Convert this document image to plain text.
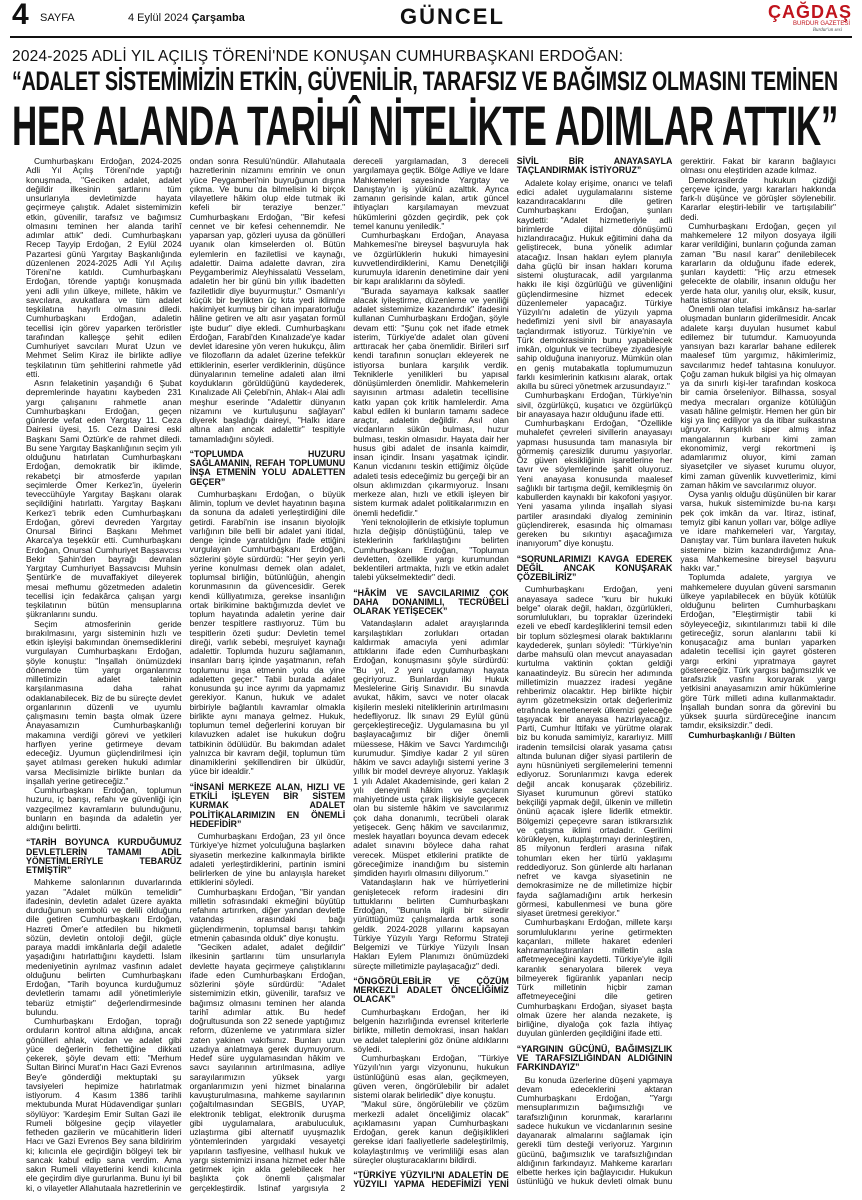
4 SAYFA	4 Eylül 2024 Çarşamba	GÜNCEL	ÇAĞDAŞ
BURDUR GAZETESİ
Burdur'un sesi
2024-2025 ADLİ YIL AÇILIŞ TÖRENİ'NDE KONUŞAN CUMHURBAŞKANI ERDOĞAN:
“ADALET SİSTEMİMİZİN ETKİN, GÜVENİLİR, TARAFSIZ VE BAĞIMSIZ OLMASINI TEMİNEN
HER ALANDA TARİHÎ NİTELİKTE ADIMLAR ATTIK”

Cumhurbaşkanı Erdoğan, 2024-2025 Adli Yıl Açılış Töreni'nde yaptığı konuşmada, "Geciken adalet, adalet değildir ilkesinin şartlarını tüm unsurlarıyla devletimizde hayata geçirmeye çalıştık. Adalet sistemimizin etkin, güvenilir, tarafsız ve bağımsız olmasını teminen her alanda tarihî adımlar attık" dedi. Cumhurbaşkanı Recep Tayyip Erdoğan, 2 Eylül 2024 Pazartesi günü Yargıtay Başkanlığında düzenlenen 2024-2025 Adli Yıl Açılış Töreni'ne katıldı. Cumhurbaşkanı Erdoğan, törende yaptığı konuşmada yeni adli yılın ülkeye, millete, hâkim ve savcılara, avukatlara ve tüm adalet teşkilatına hayırlı olmasını diledi. Cumhurbaşkanı Erdoğan, adaletin tecellisi için görev yaparken teröristler tarafından kalleşçe şehit edilen Cumhuriyet savcıları Murat Uzun ve Mehmet Selim Kiraz ile birlikte adliye teşkilatının tüm şehitlerini rahmetle yâd etti.

Asrın felaketinin yaşandığı 6 Şubat depremlerinde hayatını kaybeden 231 yargı çalışanını rahmetle anan Cumhurbaşkanı Erdoğan, geçen günlerde vefat eden Yargıtay 11. Ceza Dairesi üyesi, 15. Ceza Dairesi eski Başkanı Sami Öztürk'e de rahmet diledi. Bu sene Yargıtay Başkanlığının seçim yılı olduğunu hatırlatan Cumhurbaşkanı Erdoğan, demokratik bir iklimde, rekabetçi bir atmosferde yapılan seçimlerde Ömer Kerkez'in, üyelerin teveccühüyle Yargıtay Başkanı olarak seçildiğini hatırlattı. Yargıtay Başkanı Kerkez'i tebrik eden Cumhurbaşkanı Erdoğan, görevi devreden Yargıtay Onursal Birinci Başkanı Mehmet Akarca'ya teşekkür etti. Cumhurbaşkanı Erdoğan, Onursal Cumhuriyet Başsavcısı Bekir Şahin'den bayrağı devralan Yargıtay Cumhuriyet Başsavcısı Muhsin Şentürk'e de muvaffakiyet dileyerek mesai mefhumu gözetmeden adaletin tecellisi için fedakârca çalışan yargı teşkilatının bütün mensuplarına şükranlarını sundu.

Seçim atmosferinin geride bırakılmasını, yargı sisteminin hızlı ve etkin işleyişi bakımından önemsediklerini vurgulayan Cumhurbaşkanı Erdoğan, şöyle konuştu: "İnşallah önümüzdeki dönemde tüm yargı organlarımız milletimizin adalet talebinin karşılanmasına daha rahat odaklanabilecek. Biz de bu süreçte devlet organlarının düzenli ve uyumlu çalışmasını temin başta olmak üzere Anayasamızın Cumhurbaşkanlığı makamına verdiği görevi ve yetkileri harfiyen yerine getirmeye devam edeceğiz. Uyumun güçlendirilmesi için şayet atılması gereken hukuki adımlar varsa Meclisimizle birlikte bunları da inşallah yerine getireceğiz."

Cumhurbaşkanı Erdoğan, toplumun huzuru, iç barışı, refahı ve güvenliği için vazgeçilmez kavramların bulunduğunu, bunların en başında da adaletin yer aldığını belirtti.

“TARİH BOYUNCA KURDUĞUMUZ DEVLETLERİN TAMAMI ADİL YÖNETİMLERİYLE TEBARÜZ ETMİŞTİR”

Mahkeme salonlarının duvarlarında yazan "Adalet mülkün temelidir" ifadesinin, devletin adalet üzere ayakta durduğunun sembolü ve delili olduğunu dile getiren Cumhurbaşkanı Erdoğan, Hazreti Ömer'e atfedilen bu hikmetli sözün, devletin ontoloji değil, güçle paraya maddi imkânlarla değil adaletle yaşadığını hatırlattığını kaydetti. İslam medeniyetinin ayrılmaz vasfının adalet olduğunu belirten Cumhurbaşkanı Erdoğan, "Tarih boyunca kurduğumuz devletlerin tamamı adil yönetimleriyle tebarüz etmiştir" değerlendirmesinde bulundu.

Cumhurbaşkanı Erdoğan, toprağı orduların kontrol altına aldığına, ancak gönülleri ahlak, vicdan ve adalet gibi yüce değerlerin fethettiğine dikkati çekerek, şöyle devam etti: "Merhum Sultan Birinci Murat'ın Hacı Gazi Evrenos Bey'e gönderdiği mektuptaki şu tavsiyeleri hepimize hatırlatmak istiyorum. 4 Kasım 1386 tarihli mektubunda Murat Hüdavendigar şunları söylüyor: 'Kardeşim Emir Sultan Gazi ile Rumeli bölgesine geçip vilayetler fetheden gazilerin ve mücahitlerin lideri Hacı ve Gazi Evrenos Bey sana bildiririm ki; kılıcınla ele geçirdiğin bölgeyi tek bir sancak kabul edip sana verdim. Ama sakın Rumeli vilayetlerini kendi kılıcınla ele geçirdim diye gururlanma. Bunu iyi bil ki, o vilayetler Allahutaala hazretlerinin ve ondan sonra Resulü'nündür. Allahutaala hazretlerinin nizamını emrinin ve onun yüce Peygamberi'nin buyruğunun dışına çıkma. Ve bunu da bilmelisin ki birçok vilayetlere hâkim olup elde tutmak iki kefeli bir teraziye benzer." Cumhurbaşkanı Erdoğan, "Bir kefesi cennet ve bir kefesi cehennemdir. Ne yaparsan yap, gözleri uyusa da gönülleri uyanık olan kimselerden ol. Bütün eylemlerin en faziletlisi ve kaynağı, adalettir. Daima adalette davran, zira Peygamberimiz Aleyhissalatü Vesselam, adaletin her bir günü bin yıllık ibadetten faziletlidir diye buyurmuştur." Osmanlı'yı küçük bir beylikten üç kıta yedi iklimde hakimiyet kurmuş bir cihan imparatorluğu hâline getiren ve altı asır yaşatan formül işte budur" diye ekledi. Cumhurbaşkanı Erdoğan, Farabi'den Kınalızade'ye kadar devlet idaresine yön veren hukukçu, âlim ve filozofların da adalet üzerine tefekkür ettiklerinin, eserler verdiklerinin, düşünce dünyalarının temeline adaleti alan ilmi koydukların görüldüğünü kaydederek, Kınalızade Ali Çelebi'nin, Ahlak-ı Alai adlı meşhur eserinde "Adalettir dünyanın nizamını ve kurtuluşunu sağlayan" diyerek başladığı daireyi, "Halkı idare altına alan ancak adalettir" tespitiyle tamamladığını söyledi.

“TOPLUMDA HUZURU SAĞLAMANIN, REFAH TOPLUMUNU İNŞA ETMENİN YOLU ADALETTEN GEÇER”

Cumhurbaşkanı Erdoğan, o büyük âlimin, toplum ve devlet hayatının başına da sonuna da adaleti yerleştirdiğini dile getirdi. Farabi'nin ise insanın biyolojik varlığının bile belli bir adalet yani itidal, denge içinde yaratıldığını ifade ettiğini vurgulayan Cumhurbaşkanı Erdoğan, sözlerini şöyle sürdürdü: "Her şeyin yerli yerine konulması demek olan adalet, toplumsal birliğin, bütünlüğün, ahengin korunmasının da güvencesidir. Gerek kendi külliyatımıza, gerekse insanlığın ortak birikimine baktığımızda devlet ve toplum hayatında adaletin yerine dair benzer tespitlere rastlıyoruz. Tüm bu tespitlerin özeti şudur: Devletin temel direği, varlık sebebi, meşruiyet kaynağı adalettir. Toplumda huzuru sağlamanın, insanları barış içinde yaşatmanın, refah toplumunu inşa etmenin yolu da yine adaletten geçer." Tabii burada adalet konusunda şu ince ayrımı da yapmamız gerekiyor. Kanun, hukuk ve adalet birbiriyle bağlantılı kavramlar olmakla birlikte aynı manaya gelmez. Hukuk, toplumun temel değerlerini koruyan bir kılavuzken adalet ise hukukun doğru tatbikinin ödülüdür. Bu bakımdan adalet yalnızca bir kavram değil, toplumun tüm dinamiklerini şekillendiren bir ülküdür, yüce bir idealdir."

“İNSANİ MERKEZE ALAN, HIZLI VE ETKİLİ İŞLEYEN BİR SİSTEM KURMAK ADALET POLİTİKALARIMIZIN EN ÖNEMLİ HEDEFİDİR”

Cumhurbaşkanı Erdoğan, 23 yıl önce Türkiye'ye hizmet yolculuğuna başlarken siyasetin merkezine kalkınmayla birlikte adaleti yerleştirdiklerini, partinin ismini belirlerken de yine bu anlayışla hareket ettiklerini söyledi.

Cumhurbaşkanı Erdoğan, "Bir yandan milletin sofrasındaki ekmeğini büyütüp refahını artırırken, diğer yandan devletle vatandaş arasındaki bağı güçlendirmenin, toplumsal barışı tahkim etmenin çabasında olduk" diye konuştu.

"Geciken adalet, adalet değildir" ilkesinin şartlarını tüm unsurlarıyla devlette hayata geçirmeye çalıştıklarını ifade eden Cumhurbaşkanı Erdoğan, sözlerini şöyle sürdürdü: "Adalet sistemimizin etkin, güvenilir, tarafsız ve bağımsız olmasını teminen her alanda tarihî adımlar attık. Bu hedef doğrultusunda son 22 senede yaptığımız reform, düzenleme ve yatırımlara sizler zaten yakinen vakıfsınız. Bunları uzun uzadıya anlatmaya gerek duymuyorum. Hedef süre uygulamasından hâkim ve savcı sayılarının artırılmasına, adliye sarayılarımızın yüksek yargı organlarımızın yeni hizmet binalarına kavuşturulmasına, mahkeme sayılarının çoğaltılmasından SEGBİS, UYAP, elektronik tebligat, elektronik duruşma gibi uygulamalara, arabuluculuk, uzlaştırma gibi alternatif uyuşmazlık yöntemlerinden yargıdaki vesayetçi yapıların tasfiyesine, vellhasıl hukuk ve yargı sistemimizi insana hizmet eder hâle getirmek için akla gelebilecek her başlıkta çok önemli çalışmalar gerçekleştirdik. İstinaf yargısıyla 2 dereceli yargılamadan, 3 dereceli yargılamaya geçtik. Bölge Adliye ve İdare Mahkemeleri sayesinde Yargıtay ve Danıştay'ın iş yükünü azalttık. Ayrıca zamanın gerisinde kalan, artık güncel ihtiyaçları karşılamayan mevzuat hükümlerini gözden geçirdik, pek çok temel kanunu yeniledik."

Cumhurbaşkanı Erdoğan, Anayasa Mahkemesi'ne bireysel başvuruyla hak ve özgürlüklerin hukuki himayesini kuvvetlendirdiklerini, Kamu Denetçiliği kurumuyla idarenin denetimine dair yeni bir kapı aralıklarını da söyledi.

"Burada sayamaya kalksak saatler alacak iyileştirme, düzenleme ve yeniliği adalet sistemimize kazandırdık" ifadesini kullanan Cumhurbaşkanı Erdoğan, şöyle devam etti: "Şunu çok net ifade etmek isterim, Türkiye'de adalet olan güveni arttıracak her çaba önemlidir. Birileri sırf kendi tarafının sonuçları ekleyerek ne istiyorsa bunlara karşılık verdik. Tekniklerle yenilikleri bu yapısal dönüşümlerden önemlidir. Mahkemelerin sayısının artması adaletin tecellisine katkı yapan çok kritik hamlelerdir. Ama kabul edilen ki bunların tamamı sadece araçtır, adaletin değildir. Asıl olan vicdanların sükûn bulması, huzur bulması, teskin olmasıdır. Hayata dair her husus gibi adalet de insanla kaimdir, insan içindir. İnsanı yaşatmak içindir. Kanun vicdanını teskin ettiğimiz ölçüde adaleti tesis edeceğimiz bu gerçeği bir an olsun aklımızdan çıkarmıyoruz. İnsanı merkeze alan, hızlı ve etkili işleyen bir sistem kurmak adalet politikalarımızın en önemli hedefidir."

Yeni teknolojilerin de etkisiyle toplumun hızla değişip dönüştüğünü, talep ve isteklerinin farklılaştığını belirten Cumhurbaşkanı Erdoğan, "Toplumun devletten, özellikle yargı kurumundan beklentileri artmakta, hızlı ve etkin adalet talebi yükselmektedir" dedi.

“HÂKİM VE SAVCILARIMIZ ÇOK DAHA DONANIMLI, TECRÜBELİ OLARAK YETİŞECEK”

Vatandaşların adalet arayışlarında karşılaştıkları zorlukları ortadan kaldırmak amacıyla yeni adımlar attıklarını ifade eden Cumhurbaşkanı Erdoğan, konuşmasını şöyle sürdürdü: "Bu yıl, 2 yeni uygulamayı hayata geçiriyoruz. Bunlardan ilki Hukuk Meslelerine Giriş Sınavıdır. Bu sınavda avukat, hâkim, savcı ve noter olacak kişilerin mesleki niteliklerinin artırılmasını hedefliyoruz. İlk sınavı 29 Eylül günü gerçekleştireceğiz. Uygulamasına bu yıl başlayacağımız bir diğer önemli müessese, Hâkim ve Savcı Yardımcılığı kurumudur. Şimdiye kadar 2 yıl süren hâkim ve savcı adaylığı sistemi yerine 3 yıllık bir model devreye alıyoruz. Yaklaşık 1 yılı Adalet Akademisinde, geri kalan 2 yılı deneyimli hâkim ve savcıların mahiyetinde usta çırak ilişkisiyle geçecek olan bu sistemle hâkim ve savcılarımız çok daha donanımlı, tecrübeli olarak yetişecek. Genç hâkim ve savcılarımız, meslek hayatları boyunca devam edecek adalet sınavını böylece daha rahat verecek. Müspet etkilerini pratikte de göreceğimize inandığım bu sistemin şimdiden hayırlı olmasını diliyorum."

Vatandaşların hak ve hürriyetlerini genişletecek reform iradesini dirı tuttuklarını belirten Cumhurbaşkanı Erdoğan, "Bununla ilgili bir süredir yürüttüğümüz çalışmalarda artık sona geldik. 2024-2028 yıllarını kapsayan Türkiye Yüzyılı Yargı Reformu Strateji Belgemizi ve Türkiye Yüzyılı İnsan Hakları Eylem Planımızı önümüzdeki süreçte milletimizle paylaşacağız" dedi.

“ÖNGÖRÜLEBİLİR VE ÇÖZÜM MERKEZLİ ADALET ÖNCELİĞİMİZ OLACAK”

Cumhurbaşkanı Erdoğan, her iki belgenin hazırlığında evrensel kriterlerle birlikte, milletin demokrasi, insan hakları ve adalet taleplerini göz önüne aldıklarını söyledi.

Cumhurbaşkanı Erdoğan, "Türkiye Yüzyılı'nın yargı vizyonunu, hukukun üstünlüğünü esas alan, geçikmeyen, güven veren, öngörülebilir bir adalet sistemi olarak belirledik" diye konuştu.

"Makul süre, öngörülebilir ve çözüm merkezli adalet önceliğimiz olacak" açıklamasını yapan Cumhurbaşkanı Erdoğan, gerek kanun değişiklikleri gerekse idari faaliyetlerle sadeleştirilmiş, kolaylaştırılmış ve verimliliği esas alan süreçler oluşturacaklarını bildirdi.

“TÜRKİYE YÜZYILI'NI ADALETİN DE YÜZYILI YAPMA HEDEFİMİZİ YENİ SİVİL BİR ANAYASAYLA TAÇLANDIRMAK İSTİYORUZ”

Adalete kolay erişime, onarıcı ve telafi edici adalet uygulamalarını sisteme kazandıracaklarını dile getiren Cumhurbaşkanı Erdoğan, şunları kaydetti: "Adalet hizmetleriyle adli birimlerde dijital dönüşümü hızlandıracağız. Hukuk eğitimini daha da geliştirecek, buna yönelik adımlar atacağız. İnsan hakları eylem planıyla daha güçlü bir insan hakları koruma sistemi oluşturacak, adil yargılanma hakkı ile kişi özgürlüğü ve güvenliğini güçlendirmesine hizmet edecek düzenlemeler yapacağız. Türkiye Yüzyılı'nı adaletin de yüzyılı yapma hedefimizi yeni sivil bir anayasayla taçlandırmak istiyoruz. Türkiye'nin ve Türk demokrasisinin bunu yapabilecek imkân, olgunluk ve tecrübeye ziyadesiyle sahip olduğuna inanıyoruz. Mümkün olan en geniş mutabakatla toplumumuzun farklı kesimlerinin katkısını alarak, ortak akılla bu süreci yönetmek arzusundayız."

Cumhurbaşkanı Erdoğan, Türkiye'nin sivil, özgürlükçü, kuşatıcı ve özgürlükçü bir anayasaya hazır olduğunu ifade etti.

Cumhurbaşkanı Erdoğan, "Özellikle muhalefet çevreleri sivillerin anayasayı yapması hususunda tam manasıyla bir görmemiş çaresizlik durumu yaşıyorlar. Öz güven eksikliğinin işaretlerine her tavır ve söylemlerinde şahit oluyoruz. Yeni anayasa konusunda maalesef sağlıklı bir tartışma değil, kemikleşmiş ön kabullerden kaynaklı bir kakofoni yaşıyor. Yeni yasama yılında inşallah siyasi partiler arasındaki diyalog zemininin güçlendirerek, esasında hiç olmaması gereken bu sıkıntıyı aşacağımıza inanıyorum" diye konuştu.

“SORUNLARIMIZI KAVGA EDEREK DEĞİL ANCAK KONUŞARAK ÇÖZEBİLİRİZ”

Cumhurbaşkanı Erdoğan, yeni anayasaya sadece "kuru bir hukuki belge" olarak değil, hakları, özgürlükleri, sorumlulukları, bu topraklar üzerindeki ezeli ve ebedî kardeşliklerini temsil eden bir toplum sözleşmesi olarak baktıklarını kaydederek, şunları söyledi: "Türkiye'nin darbe mahsulü olan mevcut anayasadan kurtulma vaktinin çoktan geldiği kanaatindeyiz. Bu sürecin her adımında milletimizin muazzez iradesi yegâne rehberimiz olacaktır. Hep birlikte hiçbir ayrım gözetmeksizin ortak değerlerimiz etrafında kenetlenerek ülkemizi geleceğe taşıyacak bir anayasa hazırlayacağız. Parti, Cumhur İttifakı ve yürütme olarak biz bu konuda samimiyiz, kararlıyız. Millî iradenin temsilcisi olarak yasama çatısı altında bulunan diğer siyasi partilerin de aynı hüsnüniyeti sergilemelerini temenni ediyoruz. Sorunlarımızı kavga ederek değil ancak konuşarak çözebiliriz. Siyaset kurumunun görevi statüko bekçiliği yapmak değil, ülkenin ve milletin önünü açacak işlere liderlik etmektir. Bölgemizi çepeçevre saran istikrarsızlık ve çatışma iklimi ortadadır. Gerilimi körükleyen, kutuplaştırmayı derinleştiren, 85 milyonun ferdleri arasına nifak tohumları eken her türlü yaklaşımı reddediyoruz. Son günlerde altı harlanan nefret ve kavga siyasetinin ne demokrasimize ne de milletimize hiçbir fayda sağlamadığını artık herkesin görmesi, kabullenmesi ve buna göre siyaset üretmesi gerekiyor."

Cumhurbaşkanı Erdoğan, millete karşı sorumluluklarını yerine getirmekten kaçanları, millete hakaret edenleri kahramanlaştıranları milletin asla affetmeyeceğini kaydetti. Türkiye'yle ilgili karanlık senaryolara bilerek veya bilmeyerek figüranlık yapanları necip Türk milletinin hiçbir zaman affetmeyeceğini dile getiren Cumhurbaşkanı Erdoğan, siyaset başta olmak üzere her alanda nezakete, iş birliğine, diyaloğa çok fazla ihtiyaç duyulan günlerden geçildiğini ifade etti.

“YARGININ GÜCÜNÜ, BAĞIMSIZLIK VE TARAFSIZLIĞINDAN ALDIĞININ FARKINDAYIZ”

Bu konuda üzerlerine düşeni yapmaya devam edeceklerini aktaran Cumhurbaşkanı Erdoğan, "Yargı mensuplarımızın bağımsızlığı ve tarafsızlığının korunmak, kararlarını sadece hukukun ve vicdanlarının sesine dayanarak almalarını sağlamak için gerekli tüm desteği veriyoruz. Yargının gücünü, bağımsızlık ve tarafsızlığından aldığının farkındayız. Mahkeme kararları elbette herkes için bağlayıcıdır. Hukukun üstünlüğü ve hukuk devleti olmak bunu gerektirir. Fakat bir kararın bağlayıcı olması onu eleştiriden azade kılmaz.

Demokrasilerde hukukun çizdiği çerçeve içinde, yargı kararları hakkında fark-lı düşünce ve görüşler söylenebilir. Kararlar eleştiri-lebilir ve tartışılabilir" dedi.

Cumhurbaşkanı Erdoğan, geçen yıl mahkemelere 12 milyon dosyaya ilgili karar verildiğini, bunların çoğunda zaman zaman "Bu nasıl karar" denilebilecek kararların da olduğunu ifade ederek, şunları kaydetti: "Hiç arzu etmesek gelecekte de olabilir, insanın olduğu her yerde hata olur, yanılış olur, eksik, kusur, hatta istismar olur.

Önemli olan telafisi imkânsız ha-sarlar oluşmadan bunların giderilmesidir. Ancak adalete karşı duyulan husumet kabul edilemez bir tutumdur. Kamuoyunda yansıyan bazı kararlar bahane edilerek maalesef tüm yargımız, hâkimlerimiz, savcılarımız hedef tahtasına konuluyor. Çoğu zaman hukuk bilgisi ya hiç olmayan ya da sınırlı kişi-ler tarafından koskoca bir camia örseleniyor. Bilhassa, sosyal medya mecraları organize kötülüğün vasatı hâline gelmiştir. Hemen her gün bir kişi ya linç ediliyor ya da itibar suikastına uğruyor. Karşılıklı siper almış infaz mangalarının kurbanı kimi zaman ekonomimiz, vergi rekortmeni iş adamlarımız oluyor, kimi zaman siyasetçiler ve siyaset kurumu oluyor, kimi zaman güvenlik kuvvetlerimiz, kimi zaman hâkim ve savcılarımız oluyor.

Oysa yanlış olduğu düşünülen bir karar varsa, hukuk sistemimizde bu-na karşı pek çok imkân da var. İtiraz, istinaf, temyiz gibi kanun yolları var, bölge adliye ve idare mahkemeleri var, Yargıtay, Danıştay var. Tüm bunlara ilaveten hukuk sistemine bizim kazandırdığımız Ana-yasa Mahkemesine bireysel başvuru hakkı var."

Toplumda adalete, yargıya ve mahkemelere duyulan güveni sarsmanın ülkeye yapılabilecek en büyük kötülük olduğunu belirten Cumhurbaşkanı Erdoğan, "Eleştirmiştir tabii ki söyleyeceğiz, sıkıntılarımızı tabii ki dile getireceğiz, sorun alanlarını tabii ki konuşacağız ama bunları yaparken adaletin tecellisi için gayret gösteren yargı erkini yıpratmaya gayret göstereceğiz. Türk yargısı bağımsızlık ve tarafsızlık vasfını koruyarak yargı yetkisini anayasamızın amir hükümlerine göre Türk milleti adına kullanmaktadır. İnşallah bundan sonra da görevini bu yüksek şuurla sürdüreceğine inancım tamdır, eksiksizdir." dedi.

Cumhurbaşkanlığı / Bülten
